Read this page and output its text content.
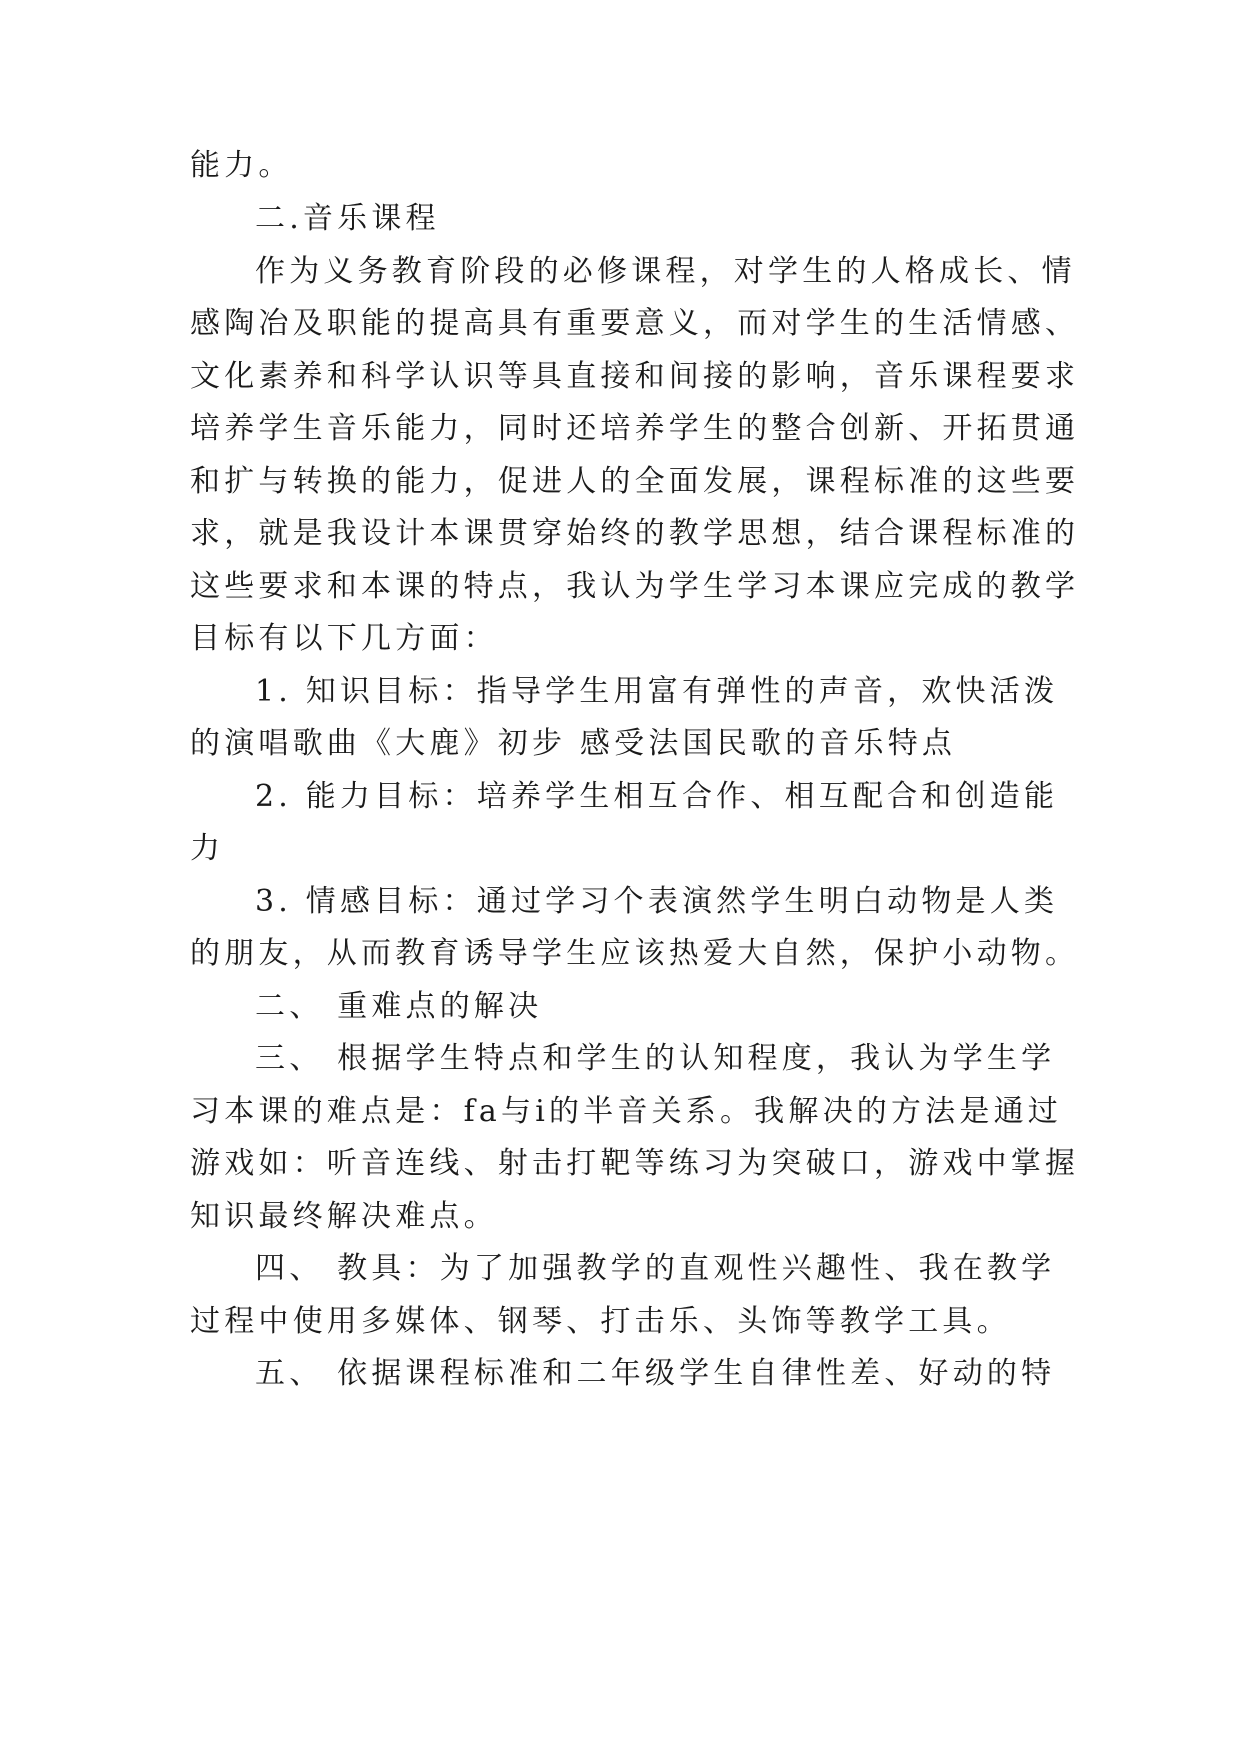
能力。
二.音乐课程
作为义务教育阶段的必修课程，对学生的人格成长、情
感陶冶及职能的提高具有重要意义，而对学生的生活情感、
文化素养和科学认识等具直接和间接的影响，音乐课程要求
培养学生音乐能力，同时还培养学生的整合创新、开拓贯通
和扩与转换的能力，促进人的全面发展，课程标准的这些要
求，就是我设计本课贯穿始终的教学思想，结合课程标准的
这些要求和本课的特点，我认为学生学习本课应完成的教学
目标有以下几方面：
1. 知识目标：指导学生用富有弹性的声音，欢快活泼
的演唱歌曲《大鹿》初步 感受法国民歌的音乐特点
2. 能力目标：培养学生相互合作、相互配合和创造能
力
3. 情感目标：通过学习个表演然学生明白动物是人类
的朋友，从而教育诱导学生应该热爱大自然，保护小动物。
二、 重难点的解决
三、 根据学生特点和学生的认知程度，我认为学生学
习本课的难点是：fa与i的半音关系。我解决的方法是通过
游戏如：听音连线、射击打靶等练习为突破口，游戏中掌握
知识最终解决难点。
四、 教具：为了加强教学的直观性兴趣性、我在教学
过程中使用多媒体、钢琴、打击乐、头饰等教学工具。
五、 依据课程标准和二年级学生自律性差、好动的特
